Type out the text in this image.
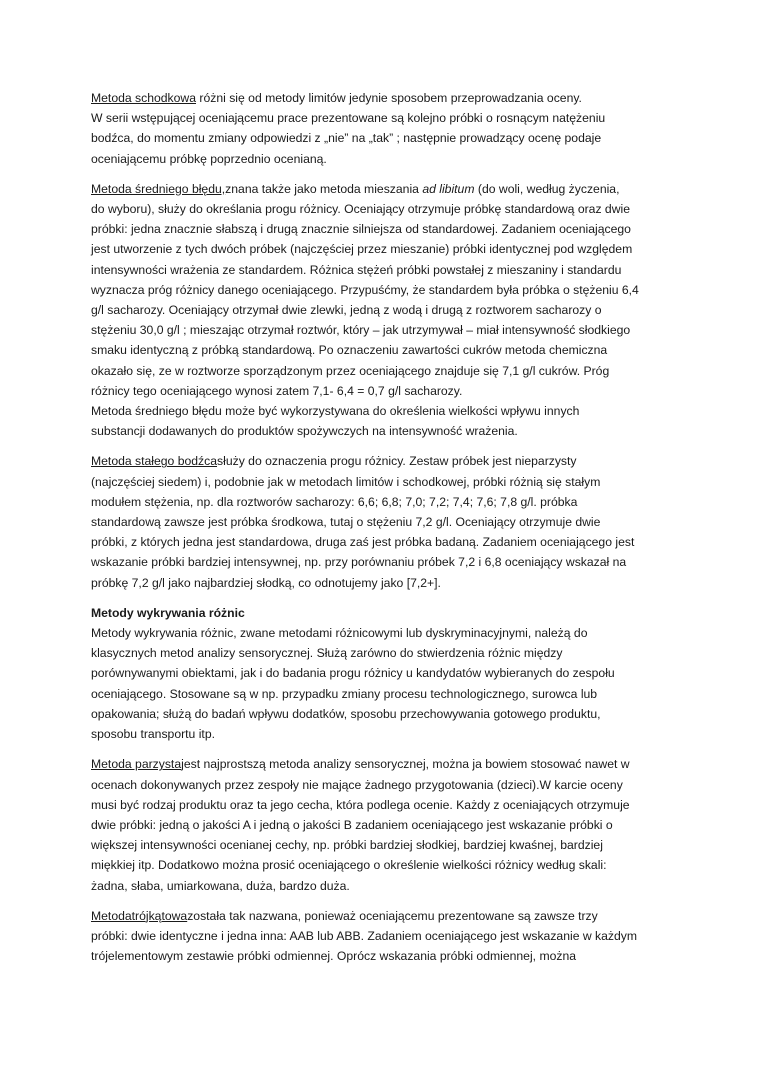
Metoda schodkowa różni się od metody limitów jedynie sposobem przeprowadzania oceny.
W serii wstępującej oceniającemu prace prezentowane są kolejno próbki o rosnącym natężeniu
bodźca, do momentu zmiany odpowiedzi z „nie” na „tak” ; następnie prowadzący ocenę podaje
oceniającemu próbkę poprzednio ocenianą.
Metoda średniego błędu,znana także jako metoda mieszania ad libitum (do woli, według życzenia,
do wyboru), służy do określania progu różnicy. Oceniający otrzymuje próbkę standardową oraz dwie
próbki: jedna znacznie słabszą i drugą znacznie silniejsza od standardowej. Zadaniem oceniającego
jest utworzenie z tych dwóch próbek (najczęściej przez mieszanie) próbki identycznej pod względem
intensywności wrażenia ze standardem. Różnica stężeń próbki powstałej z mieszaniny i standardu
wyznacza próg różnicy danego oceniającego. Przypuśćmy, że standardem była próbka o stężeniu 6,4
g/l sacharozy. Oceniający otrzymał dwie zlewki, jedną z wodą i drugą z roztworem sacharozy o
stężeniu 30,0 g/l ; mieszając otrzymał roztwór, który – jak utrzymywał – miał intensywność słodkiego
smaku identyczną z próbką standardową. Po oznaczeniu zawartości cukrów metoda chemiczna
okazało się, ze w roztworze sporządzonym przez oceniającego znajduje się 7,1 g/l cukrów. Próg
różnicy tego oceniającego wynosi zatem 7,1- 6,4 = 0,7 g/l sacharozy.
Metoda średniego błędu może być wykorzystywana do określenia wielkości wpływu innych
substancji dodawanych do produktów spożywczych na intensywność wrażenia.
Metoda stałego bodźcasłuży do oznaczenia progu różnicy. Zestaw próbek jest nieparzysty
(najczęściej siedem) i, podobnie jak w metodach limitów i schodkowej, próbki różnią się stałym
modułem stężenia, np. dla roztworów sacharozy: 6,6; 6,8; 7,0; 7,2; 7,4; 7,6; 7,8 g/l. próbka
standardową zawsze jest próbka środkowa, tutaj o stężeniu 7,2 g/l. Oceniający otrzymuje dwie
próbki, z których jedna jest standardowa, druga zaś jest próbka badaną. Zadaniem oceniającego jest
wskazanie próbki bardziej intensywnej, np. przy porównaniu próbek 7,2 i 6,8 oceniający wskazał na
próbkę 7,2 g/l jako najbardziej słodką, co odnotujemy jako [7,2+].
Metody wykrywania różnic
Metody wykrywania różnic, zwane metodami różnicowymi lub dyskryminacyjnymi, należą do
klasycznych metod analizy sensorycznej. Służą zarówno do stwierdzenia różnic między
porównywanymi obiektami, jak i do badania progu różnicy u kandydatów wybieranych do zespołu
oceniającego. Stosowane są w np. przypadku zmiany procesu technologicznego, surowca lub
opakowania; służą do badań wpływu dodatków, sposobu przechowywania gotowego produktu,
sposobu transportu itp.
Metoda parzystajest najprostszą metoda analizy sensorycznej, można ja bowiem stosować nawet w
ocenach dokonywanych przez zespoły nie mające żadnego przygotowania (dzieci).W karcie oceny
musi być rodzaj produktu oraz ta jego cecha, która podlega ocenie. Każdy z oceniających otrzymuje
dwie próbki: jedną o jakości A i jedną o jakości B zadaniem oceniającego jest wskazanie próbki o
większej intensywności ocenianej cechy, np. próbki bardziej słodkiej, bardziej kwaśnej, bardziej
miękkiej itp. Dodatkowo można prosić oceniającego o określenie wielkości różnicy według skali:
żadna, słaba, umiarkowana, duża, bardzo duża.
Metodatrójkątowazostała tak nazwana, ponieważ oceniającemu prezentowane są zawsze trzy
próbki: dwie identyczne i jedna inna: AAB lub ABB. Zadaniem oceniającego jest wskazanie w każdym
trójelementowym zestawie próbki odmiennej. Oprócz wskazania próbki odmiennej, można
